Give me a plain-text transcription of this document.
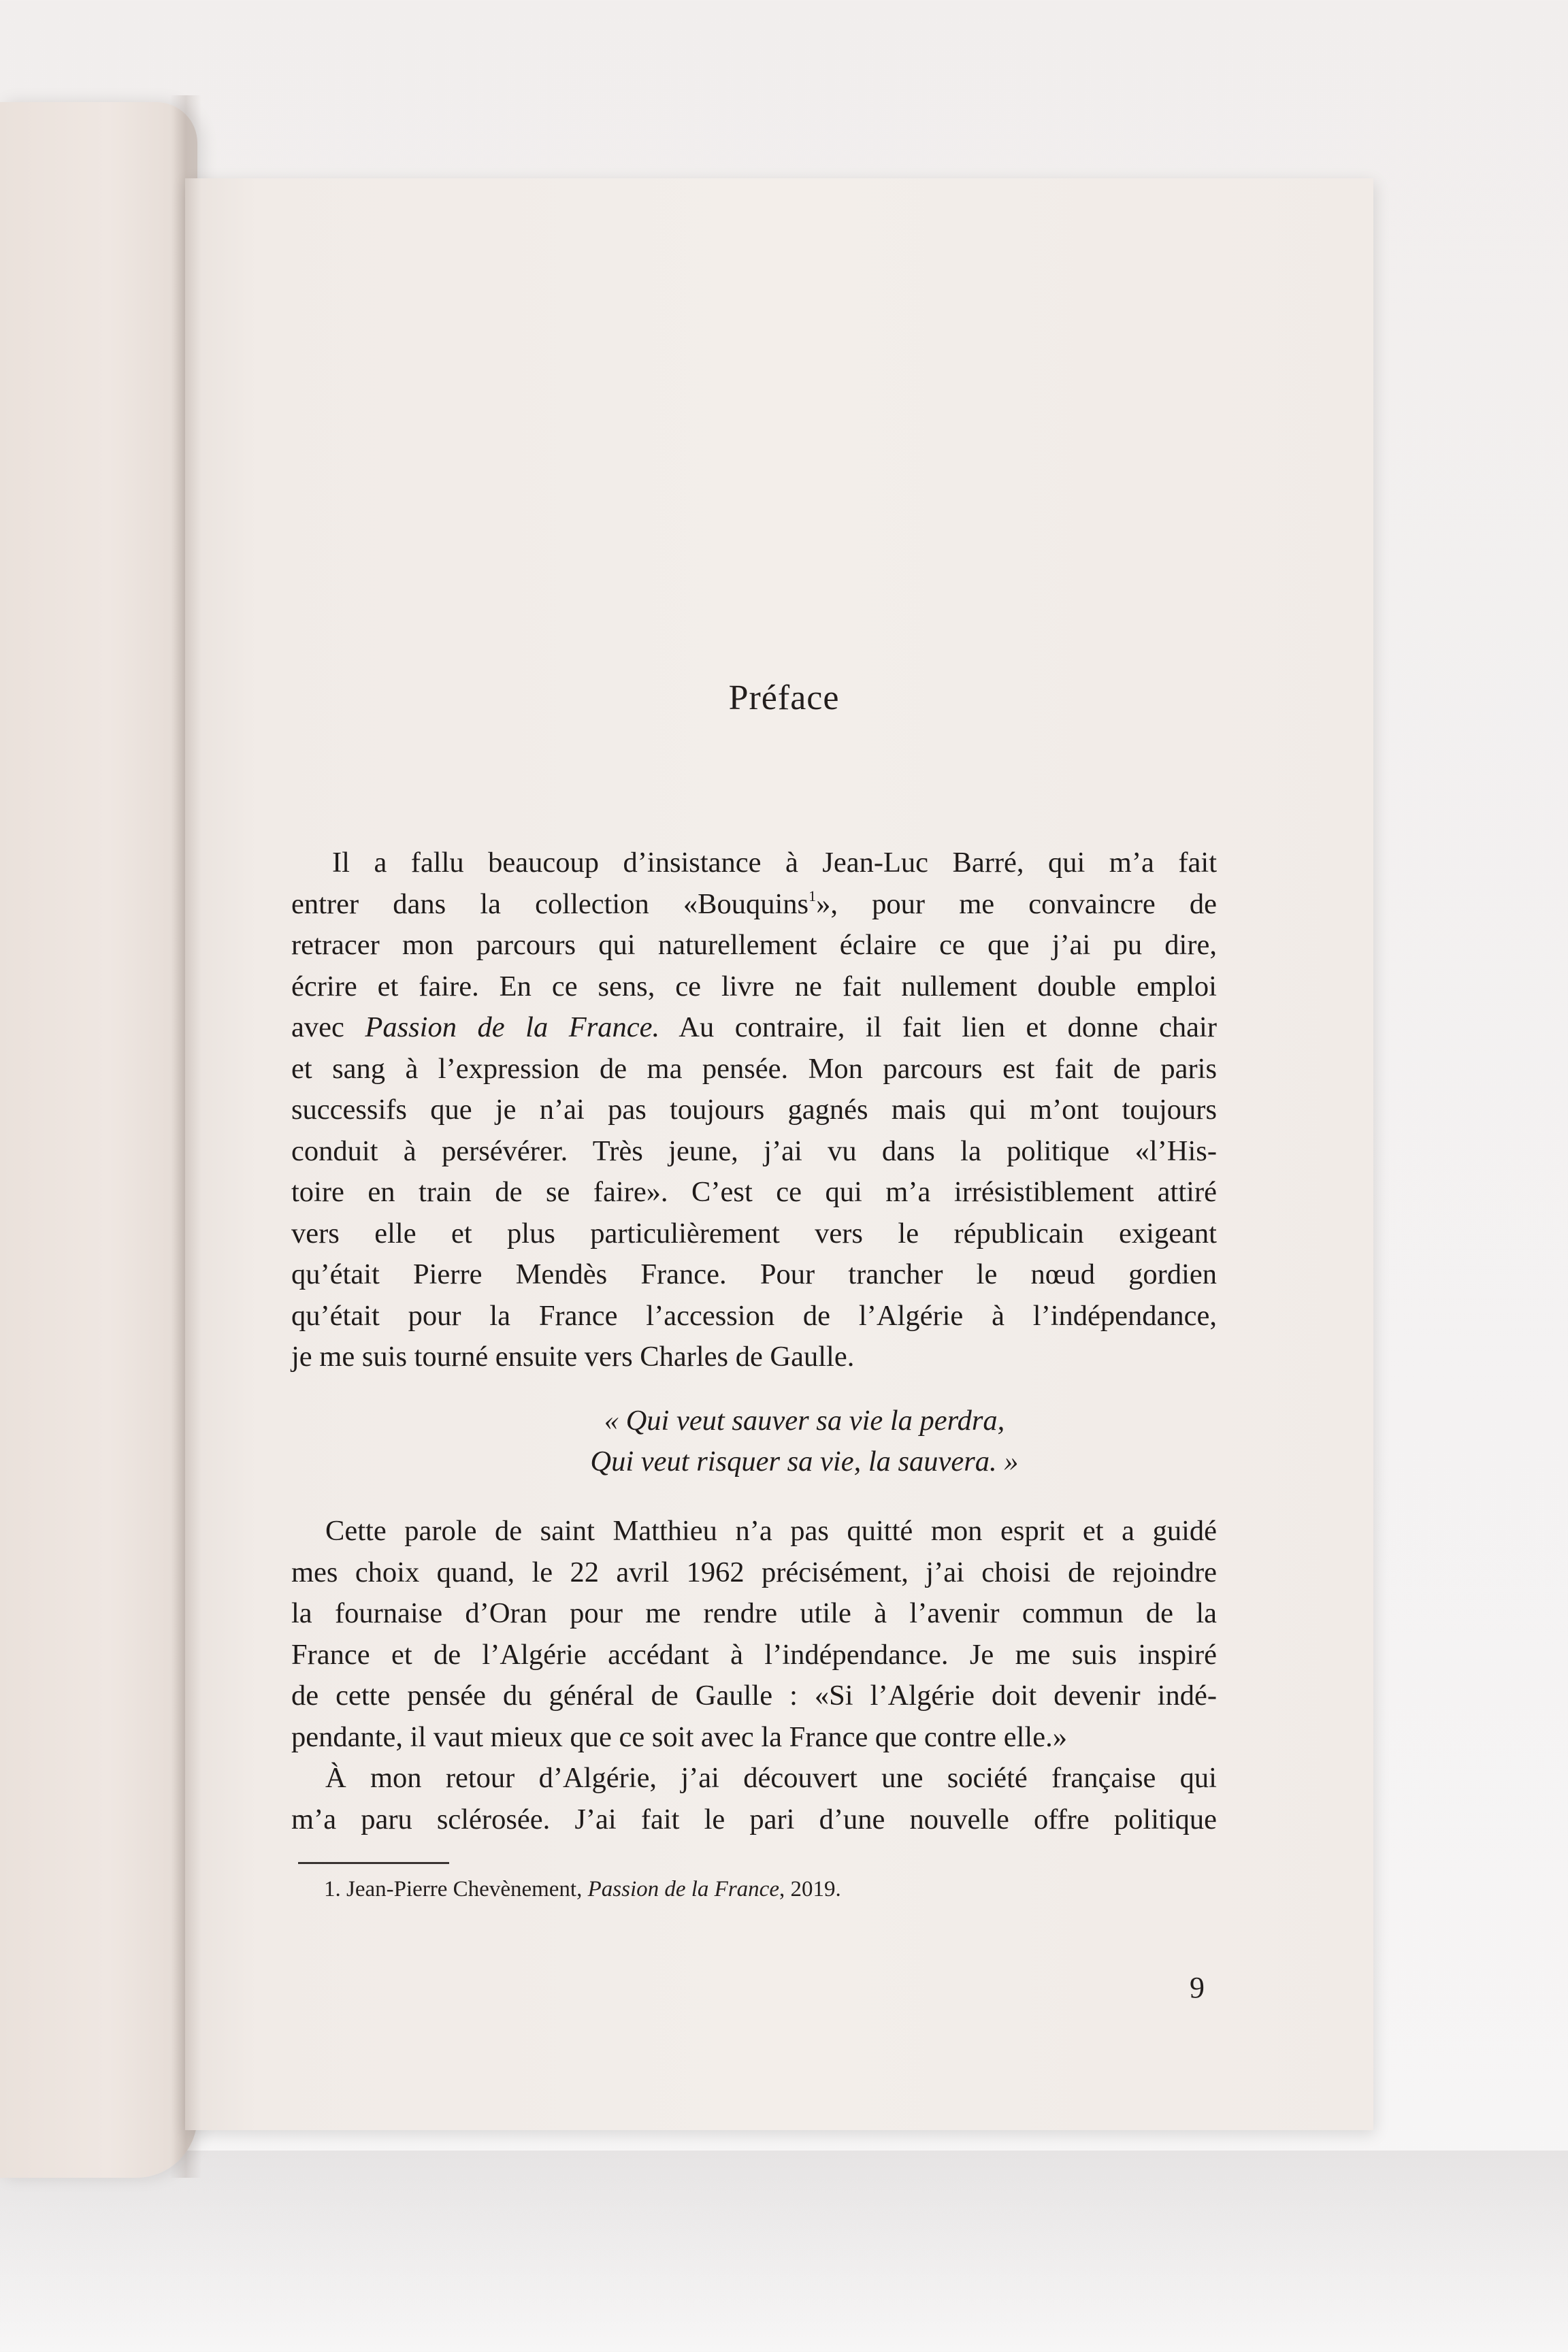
Préface
Il a fallu beaucoup d’insistance à Jean-Luc Barré, qui m’a fait
entrer dans la collection «Bouquins$^1$», pour me convaincre de
retracer mon parcours qui naturellement éclaire ce que j’ai pu dire,
écrire et faire. En ce sens, ce livre ne fait nullement double emploi
avec Passion de la France. Au contraire, il fait lien et donne chair
et sang à l’expression de ma pensée. Mon parcours est fait de paris
successifs que je n’ai pas toujours gagnés mais qui m’ont toujours
conduit à persévérer. Très jeune, j’ai vu dans la politique «l’His-
toire en train de se faire». C’est ce qui m’a irrésistiblement attiré
vers elle et plus particulièrement vers le républicain exigeant
qu’était Pierre Mendès France. Pour trancher le nœud gordien
qu’était pour la France l’accession de l’Algérie à l’indépendance,
je me suis tourné ensuite vers Charles de Gaulle.
« Qui veut sauver sa vie la perdra,
Qui veut risquer sa vie, la sauvera. »
Cette parole de saint Matthieu n’a pas quitté mon esprit et a guidé
mes choix quand, le 22 avril 1962 précisément, j’ai choisi de rejoindre
la fournaise d’Oran pour me rendre utile à l’avenir commun de la
France et de l’Algérie accédant à l’indépendance. Je me suis inspiré
de cette pensée du général de Gaulle : «Si l’Algérie doit devenir indé-
pendante, il vaut mieux que ce soit avec la France que contre elle.»
À mon retour d’Algérie, j’ai découvert une société française qui
m’a paru sclérosée. J’ai fait le pari d’une nouvelle offre politique
1. Jean-Pierre Chevènement, Passion de la France, 2019.
9
